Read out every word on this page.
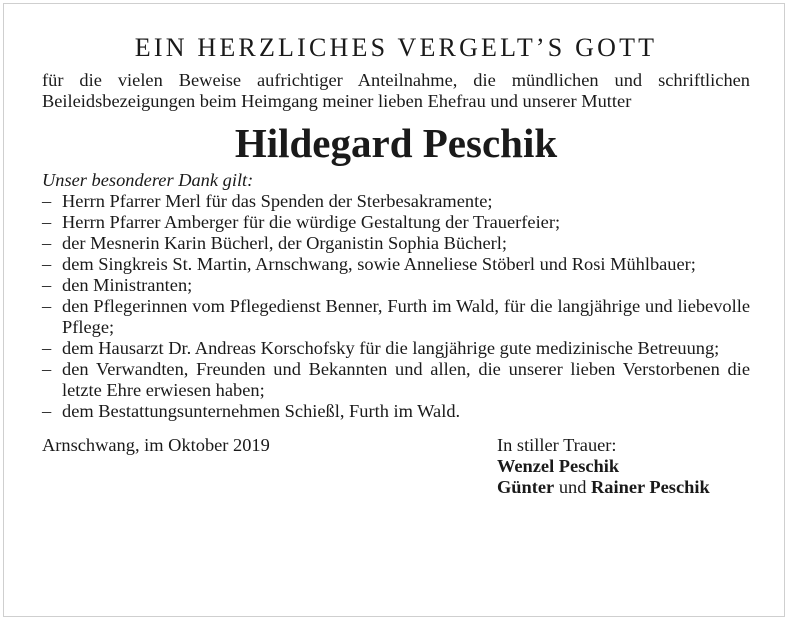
EIN HERZLICHES VERGELT’S GOTT
für die vielen Beweise aufrichtiger Anteilnahme, die mündlichen und schriftlichen Beileidsbezeigungen beim Heimgang meiner lieben Ehefrau und unserer Mutter
Hildegard Peschik
Unser besonderer Dank gilt:
– Herrn Pfarrer Merl für das Spenden der Sterbesakramente;
– Herrn Pfarrer Amberger für die würdige Gestaltung der Trauerfeier;
– der Mesnerin Karin Bücherl, der Organistin Sophia Bücherl;
– dem Singkreis St. Martin, Arnschwang, sowie Anneliese Stöberl und Rosi Mühlbauer;
– den Ministranten;
– den Pflegerinnen vom Pflegedienst Benner, Furth im Wald, für die langjährige und liebevolle Pflege;
– dem Hausarzt Dr. Andreas Korschofsky für die langjährige gute medizinische Betreuung;
– den Verwandten, Freunden und Bekannten und allen, die unserer lieben Verstorbenen die letzte Ehre erwiesen haben;
– dem Bestattungsunternehmen Schießl, Furth im Wald.
Arnschwang, im Oktober 2019	In stiller Trauer:
Wenzel Peschik
Günter und Rainer Peschik
